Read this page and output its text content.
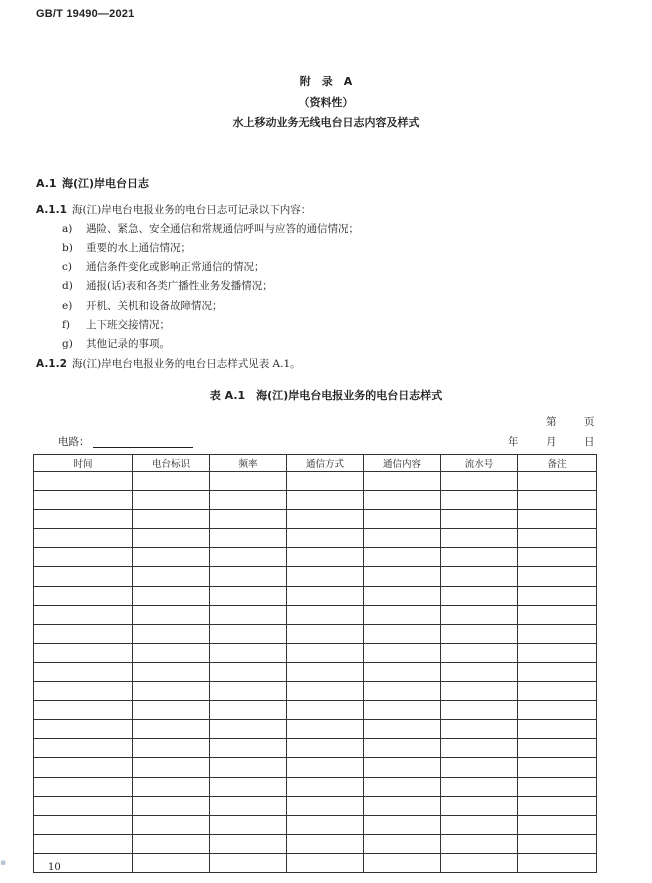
GB/T 19490—2021
附　录　A
（资料性）
水上移动业务无线电台日志内容及样式
A.1 海(江)岸电台日志
A.1.1 海(江)岸电台电报业务的电台日志可记录以下内容：
a) 遇险、紧急、安全通信和常规通信呼叫与应答的通信情况；
b) 重要的水上通信情况；
c) 通信条件变化或影响正常通信的情况；
d) 通报(话)表和各类广播性业务发播情况；
e) 开机、关机和设备故障情况；
f) 上下班交接情况；
g) 其他记录的事项。
A.1.2 海(江)岸电台电报业务的电台日志样式见表 A.1。
表 A.1　海(江)岸电台电报业务的电台日志样式
第	页
电路：	年	月	日
时间	电台标识	频率	通信方式	通信内容	流水号	备注

▪	10
